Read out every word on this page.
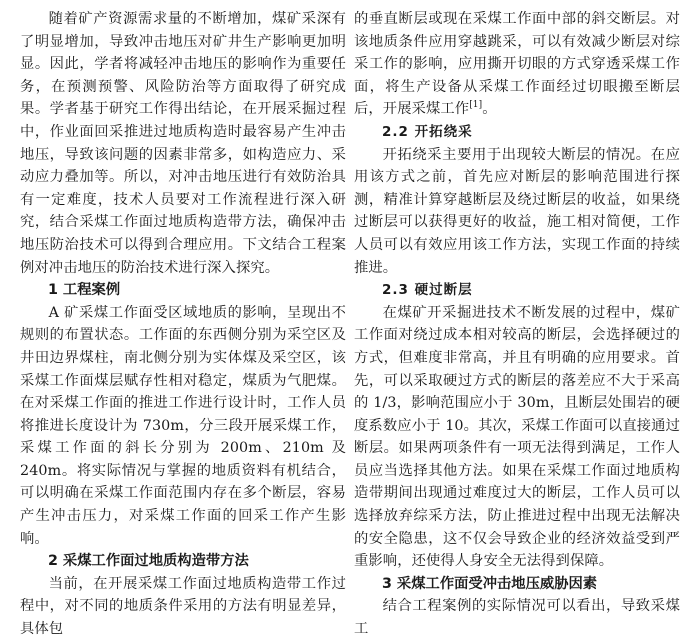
随着矿产资源需求量的不断增加，煤矿采深有了明显增加，导致冲击地压对矿井生产影响更加明显。因此，学者将减轻冲击地压的影响作为重要任务，在预测预警、风险防治等方面取得了研究成果。学者基于研究工作得出结论，在开展采掘过程中，作业面回采推进过地质构造时最容易产生冲击地压，导致该问题的因素非常多，如构造应力、采动应力叠加等。所以，对冲击地压进行有效防治具有一定难度，技术人员要对工作流程进行深入研究，结合采煤工作面过地质构造带方法，确保冲击地压防治技术可以得到合理应用。下文结合工程案例对冲击地压的防治技术进行深入探究。

1 工程案例

A 矿采煤工作面受区域地质的影响，呈现出不规则的布置状态。工作面的东西侧分别为采空区及井田边界煤柱，南北侧分别为实体煤及采空区，该采煤工作面煤层赋存性相对稳定，煤质为气肥煤。在对采煤工作面的推进工作进行设计时，工作人员将推进长度设计为 730m，分三段开展采煤工作，采煤工作面的斜长分别为 200m、210m 及 240m。将实际情况与掌握的地质资料有机结合，可以明确在采煤工作面范围内存在多个断层，容易产生冲击压力，对采煤工作面的回采工作产生影响。

2 采煤工作面过地质构造带方法

当前，在开展采煤工作面过地质构造带工作过程中，对不同的地质条件采用的方法有明显差异，具体包

的垂直断层或现在采煤工作面中部的斜交断层。对该地质条件应用穿越跳采，可以有效减少断层对综采工作的影响，应用撕开切眼的方式穿透采煤工作面，将生产设备从采煤工作面经过切眼搬至断层后，开展采煤工作[1]。

2.2 开拓绕采

开拓绕采主要用于出现较大断层的情况。在应用该方式之前，首先应对断层的影响范围进行探测，精准计算穿越断层及绕过断层的收益，如果绕过断层可以获得更好的收益，施工相对简便，工作人员可以有效应用该工作方法，实现工作面的持续推进。

2.3 硬过断层

在煤矿开采掘进技术不断发展的过程中，煤矿工作面对绕过成本相对较高的断层，会选择硬过的方式，但难度非常高，并且有明确的应用要求。首先，可以采取硬过方式的断层的落差应不大于采高的 1/3，影响范围应小于 30m，且断层处围岩的硬度系数应小于 10。其次，采煤工作面可以直接通过断层。如果两项条件有一项无法得到满足，工作人员应当选择其他方法。如果在采煤工作面过地质构造带期间出现通过难度过大的断层，工作人员可以选择放弃综采方法，防止推进过程中出现无法解决的安全隐患，这不仅会导致企业的经济效益受到严重影响，还使得人身安全无法得到保障。

3 采煤工作面受冲击地压威胁因素

结合工程案例的实际情况可以看出，导致采煤工
